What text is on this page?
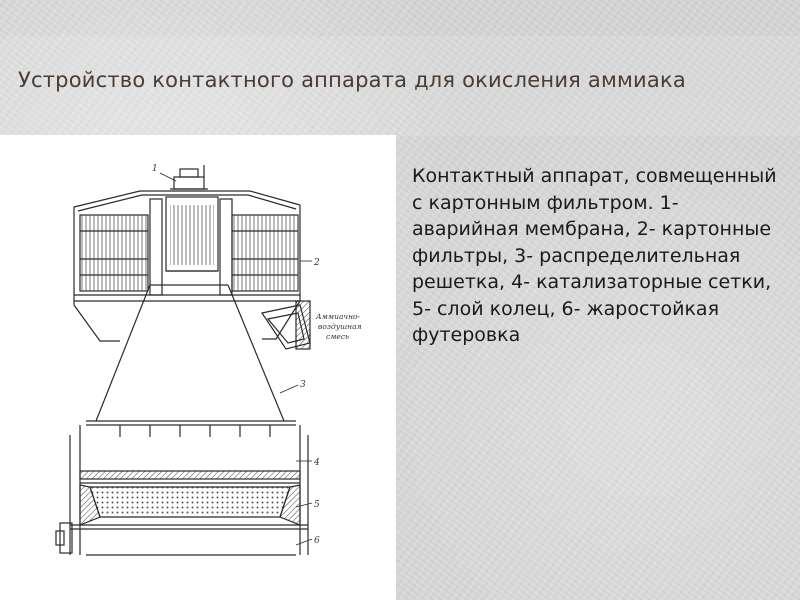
Устройство контактного аппарата для окисления аммиака
1
2
3
4
5
6
Аммиачно-
воздушная
смесь
Контактный аппарат, совмещенный с картонным фильтром. 1- аварийная мембрана, 2- картонные фильтры, 3- распределительная решетка, 4- катализаторные сетки, 5- слой колец, 6- жаростойкая футеровка
